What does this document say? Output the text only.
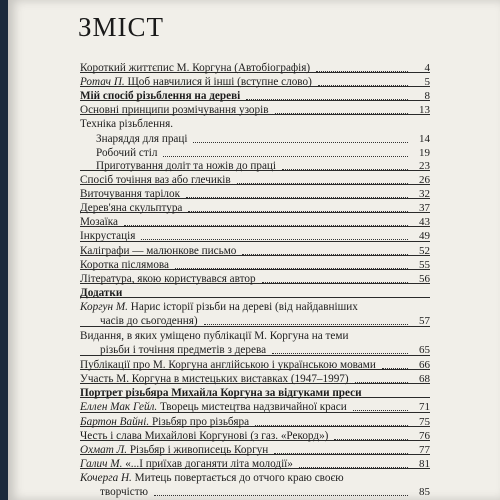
ЗМІСТ
Короткий життєпис М. Коргуна (Автобіографія)	4
Ротач П. Щоб навчилися й інші (вступне слово)	5
Мій спосіб різьблення на дереві	8
Основні принципи розмічування узорів	13
Техніка різьблення.
Знаряддя для праці	14
Робочий стіл	19
Приготування доліт та ножів до праці	23
Спосіб точіння ваз або глечиків	26
Виточування тарілок	32
Дерев'яна скульптура	37
Мозаїка	43
Інкрустація	49
Каліграфи — малюнкове письмо	52
Коротка післямова	55
Література, якою користувався автор	56
Додатки
Коргун М. Нарис історії різьби на дереві (від найдавніших
часів до сьогодення)	57
Видання, в яких уміщено публікації М. Коргуна на теми
різьби і точіння предметів з дерева	65
Публікації про М. Коргуна англійською і українською мовами	66
Участь М. Коргуна в мистецьких виставках (1947–1997)	68
Портрет різьбяра Михайла Коргуна за відгуками преси
Еллен Мак Гейл. Творець мистецтва надзвичайної краси	71
Бартон Вайні. Різьбяр про різьбяра	75
Честь і слава Михайлові Коргунові (з газ. «Рекорд»)	76
Охмат Л. Різьбяр і живописець Коргун	77
Галич М. «...І приїхав доганяти літа молодії»	81
Кочерга Н. Митець повертається до отчого краю своєю
творчістю	85
